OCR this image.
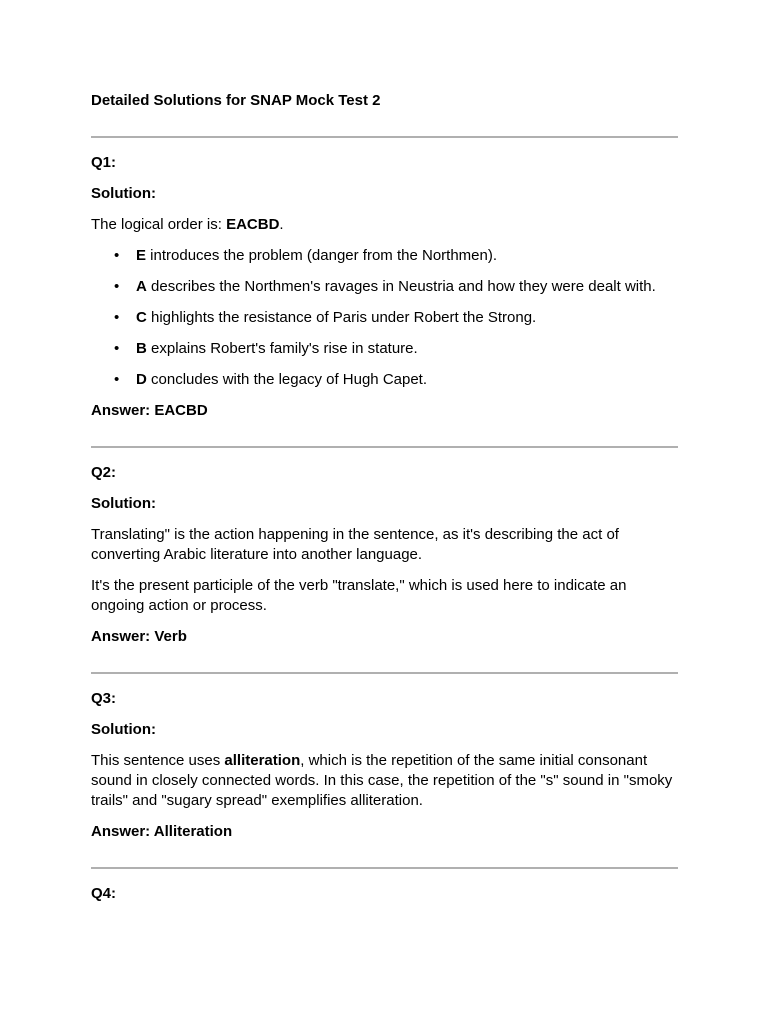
Detailed Solutions for SNAP Mock Test 2
Q1:
Solution:

The logical order is: EACBD.

• E introduces the problem (danger from the Northmen).
• A describes the Northmen's ravages in Neustria and how they were dealt with.
• C highlights the resistance of Paris under Robert the Strong.
• B explains Robert's family's rise in stature.
• D concludes with the legacy of Hugh Capet.
Answer: EACBD
Q2:
Solution:

Translating" is the action happening in the sentence, as it's describing the act of converting Arabic literature into another language.

It's the present participle of the verb "translate," which is used here to indicate an ongoing action or process.

Answer: Verb
Q3:
Solution:

This sentence uses alliteration, which is the repetition of the same initial consonant sound in closely connected words. In this case, the repetition of the "s" sound in "smoky trails" and "sugary spread" exemplifies alliteration.

Answer: Alliteration
Q4:
